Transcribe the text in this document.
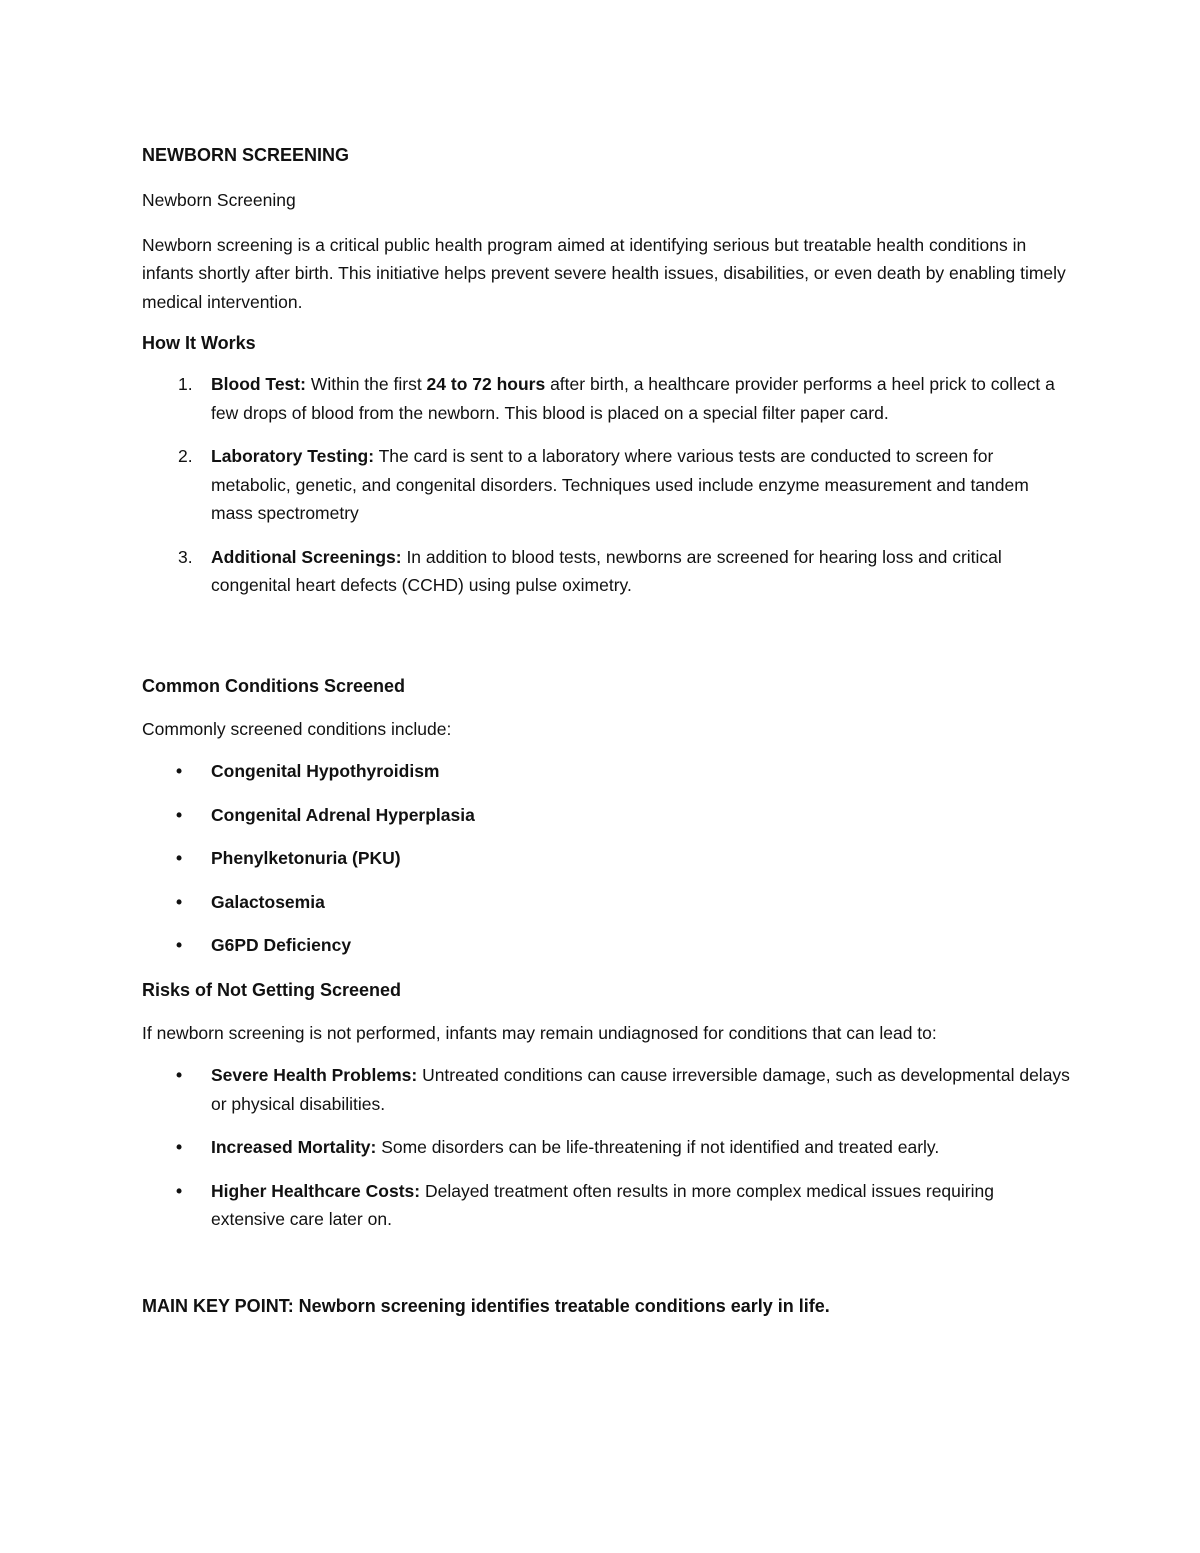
NEWBORN SCREENING

Newborn Screening

Newborn screening is a critical public health program aimed at identifying serious but treatable health conditions in infants shortly after birth. This initiative helps prevent severe health issues, disabilities, or even death by enabling timely medical intervention.

How It Works
1. Blood Test: Within the first 24 to 72 hours after birth, a healthcare provider performs a heel prick to collect a few drops of blood from the newborn. This blood is placed on a special filter paper card.
2. Laboratory Testing: The card is sent to a laboratory where various tests are conducted to screen for metabolic, genetic, and congenital disorders. Techniques used include enzyme measurement and tandem mass spectrometry
3. Additional Screenings: In addition to blood tests, newborns are screened for hearing loss and critical congenital heart defects (CCHD) using pulse oximetry.
Common Conditions Screened

Commonly screened conditions include:

• Congenital Hypothyroidism
• Congenital Adrenal Hyperplasia
• Phenylketonuria (PKU)
• Galactosemia
• G6PD Deficiency
Risks of Not Getting Screened

If newborn screening is not performed, infants may remain undiagnosed for conditions that can lead to:

• Severe Health Problems: Untreated conditions can cause irreversible damage, such as developmental delays or physical disabilities.
• Increased Mortality: Some disorders can be life-threatening if not identified and treated early.
• Higher Healthcare Costs: Delayed treatment often results in more complex medical issues requiring extensive care later on.

MAIN KEY POINT: Newborn screening identifies treatable conditions early in life.
